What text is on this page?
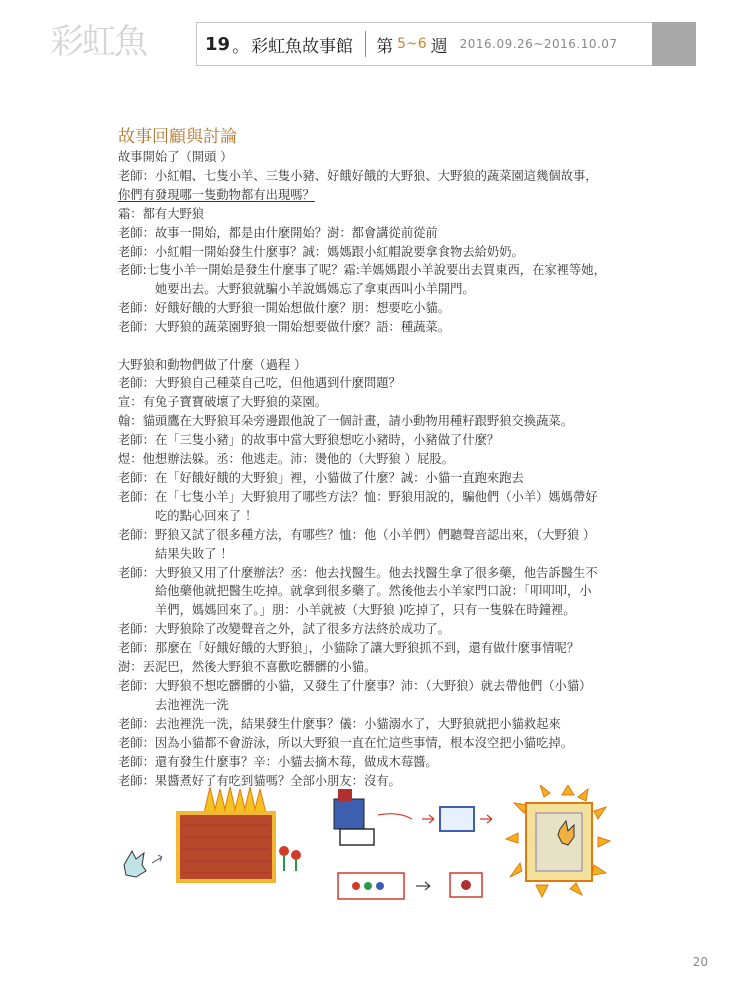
彩虹魚	19 。 彩虹魚故事館 第 5~6 週 2016.09.26~2016.10.07
故事回顧與討論

故事開始了（開頭 ）

老師：小紅帽、七隻小羊、三隻小豬、好餓好餓的大野狼、大野狼的蔬菜園這幾個故事，

你們有發現哪一隻動物都有出現嗎？

霜：都有大野狼

老師：故事一開始，都是由什麼開始？澍：都會講從前從前

老師：小紅帽一開始發生什麼事？誠：媽媽跟小紅帽說要拿食物去給奶奶。

老師:七隻小羊一開始是發生什麼事了呢？霜:羊媽媽跟小羊說要出去買東西，在家裡等她，

她要出去。大野狼就騙小羊說媽媽忘了拿東西叫小羊開門。

老師：好餓好餓的大野狼一開始想做什麼？朋：想要吃小貓。

老師：大野狼的蔬菜園野狼一開始想要做什麼？語：種蔬菜。

大野狼和動物們做了什麼（過程 ）

老師：大野狼自己種菜自己吃，但他遇到什麼問題？

宣：有兔子寶寶破壞了大野狼的菜園。

翰：貓頭鷹在大野狼耳朵旁邊跟他說了一個計畫，請小動物用種籽跟野狼交換蔬菜。

老師：在「三隻小豬」的故事中當大野狼想吃小豬時，小豬做了什麼？

煜：他想辦法躲。丞：他逃走。沛：燙他的（大野狼 ）屁股。

老師：在「好餓好餓的大野狼」裡，小貓做了什麼？誠：小貓一直跑來跑去

老師：在「七隻小羊」大野狼用了哪些方法？恤：野狼用說的，騙他們（小羊）媽媽帶好

吃的點心回來了 ！

老師：野狼又試了很多種方法，有哪些？恤：他（小羊們）們聽聲音認出來，（大野狼 ）

結果失敗了 ！

老師：大野狼又用了什麼辦法？丞：他去找醫生。他去找醫生拿了很多藥，他告訴醫生不

給他藥他就把醫生吃掉。就拿到很多藥了。然後他去小羊家門口說：「叩叩叩，小

羊們，媽媽回來了。」朋：小羊就被（大野狼 )吃掉了，只有一隻躲在時鐘裡。

老師：大野狼除了改變聲音之外，試了很多方法終於成功了。

老師：那麼在「好餓好餓的大野狼」，小貓除了讓大野狼抓不到，還有做什麼事情呢？

澍：丟泥巴，然後大野狼不喜歡吃髒髒的小貓。

老師：大野狼不想吃髒髒的小貓，又發生了什麼事？沛：（大野狼）就去帶他們（小貓）

去池裡洗一洗

老師：去池裡洗一洗，結果發生什麼事？儀：小貓溺水了，大野狼就把小貓救起來

老師：因為小貓都不會游泳，所以大野狼一直在忙這些事情，根本沒空把小貓吃掉。

老師：還有發生什麼事？辛：小貓去摘木莓，做成木莓醬。

老師：果醬煮好了有吃到貓嗎？全部小朋友：沒有。

20
